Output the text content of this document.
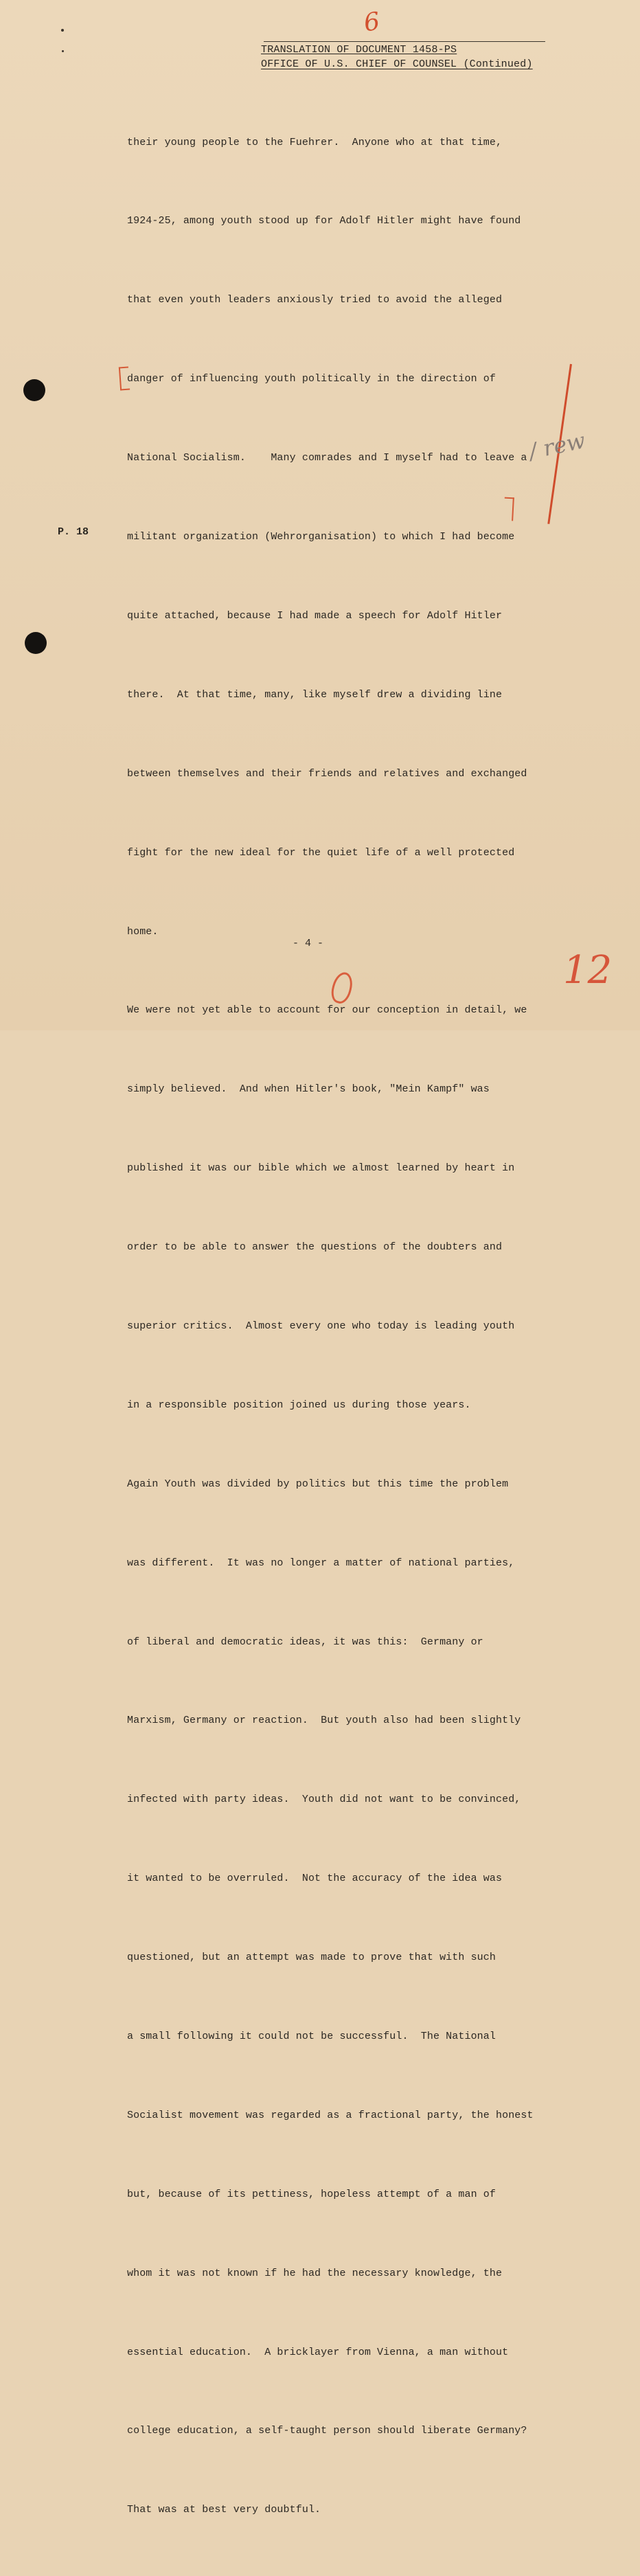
6
TRANSLATION OF DOCUMENT 1458-PS
OFFICE OF U.S. CHIEF OF COUNSEL (Continued)
P. 18

their young people to the Fuehrer.  Anyone who at that time,

1924-25, among youth stood up for Adolf Hitler might have found

that even youth leaders anxiously tried to avoid the alleged

danger of influencing youth politically in the direction of

National Socialism.    Many comrades and I myself had to leave a

militant organization (Wehrorganisation) to which I had become

quite attached, because I had made a speech for Adolf Hitler

there.  At that time, many, like myself drew a dividing line

between themselves and their friends and relatives and exchanged

fight for the new ideal for the quiet life of a well protected

home.

We were not yet able to account for our conception in detail, we

simply believed.  And when Hitler's book, "Mein Kampf" was

published it was our bible which we almost learned by heart in

order to be able to answer the questions of the doubters and

superior critics.  Almost every one who today is leading youth

in a responsible position joined us during those years.

Again Youth was divided by politics but this time the problem

was different.  It was no longer a matter of national parties,

of liberal and democratic ideas, it was this:  Germany or

Marxism, Germany or reaction.  But youth also had been slightly

infected with party ideas.  Youth did not want to be convinced,

it wanted to be overruled.  Not the accuracy of the idea was

questioned, but an attempt was made to prove that with such

a small following it could not be successful.  The National

Socialist movement was regarded as a fractional party, the honest

but, because of its pettiness, hopeless attempt of a man of

whom it was not known if he had the necessary knowledge, the

essential education.  A bricklayer from Vienna, a man without

college education, a self-taught person should liberate Germany?

That was at best very doubtful.

/ rew
- 4 -
12
